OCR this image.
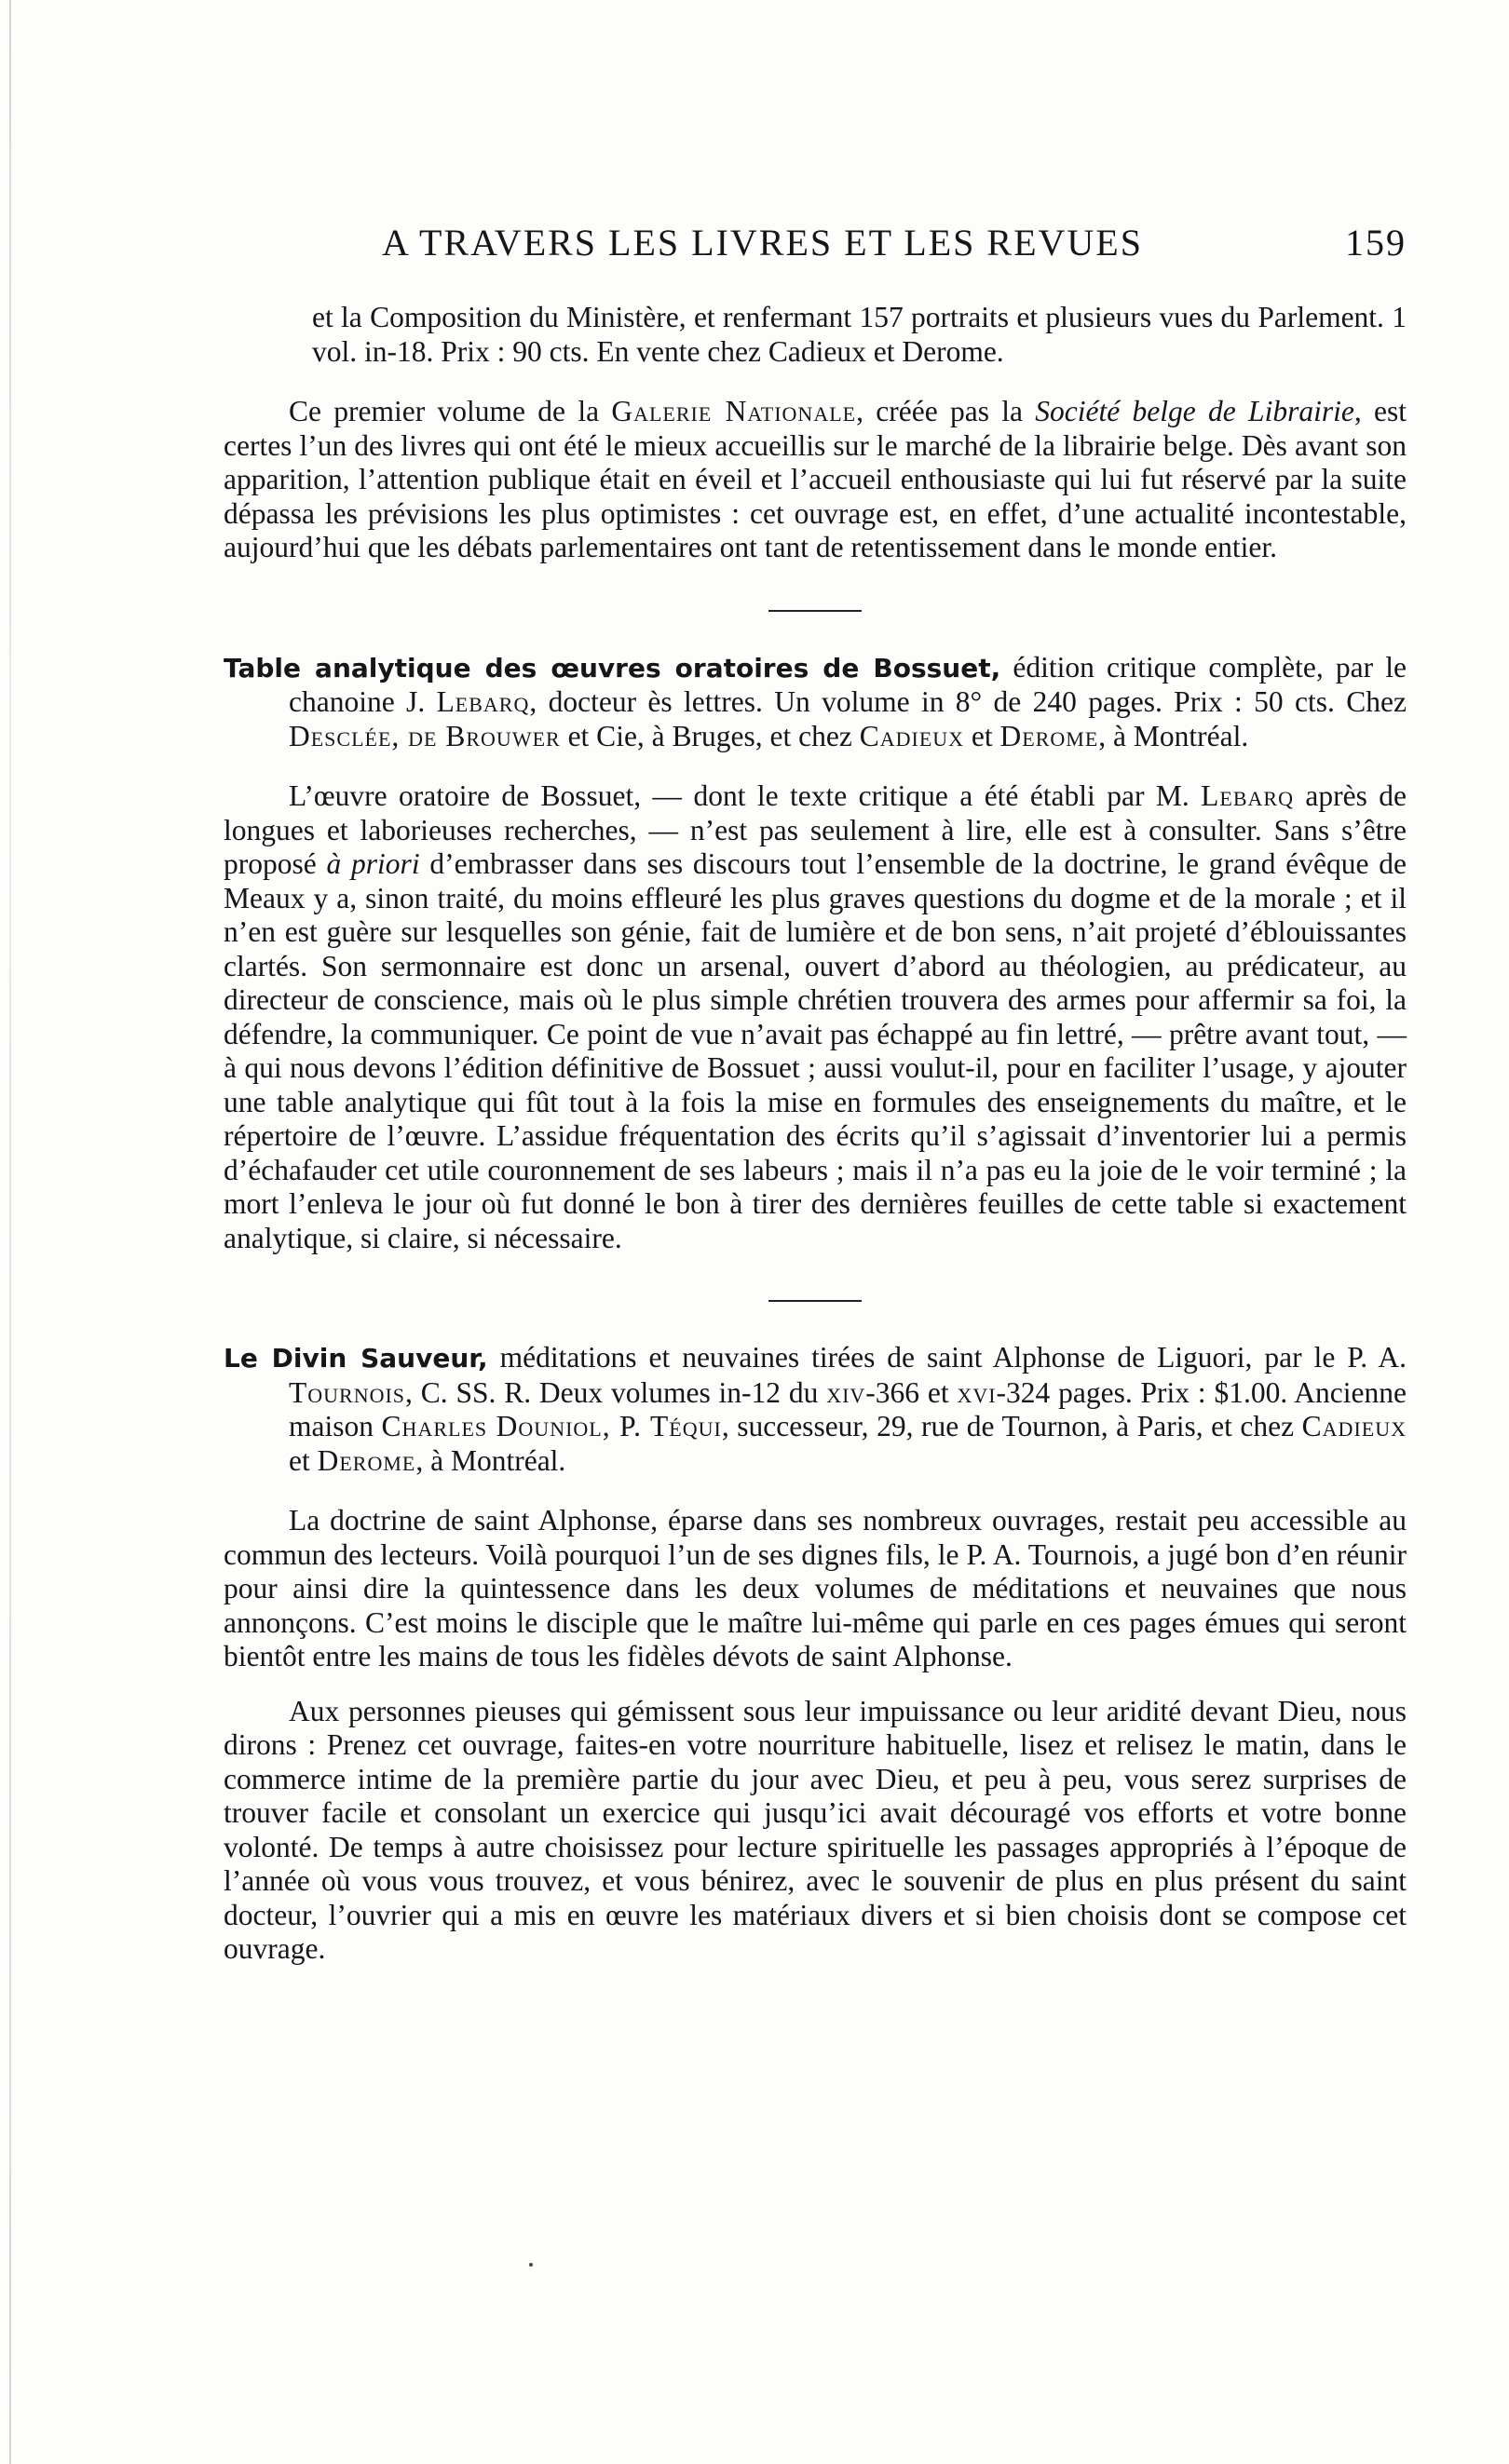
A TRAVERS LES LIVRES ET LES REVUES	159

et la Composition du Ministère, et renfermant 157 portraits et plusieurs vues du Parlement. 1 vol. in-18. Prix : 90 cts. En vente chez Cadieux et Derome.

Ce premier volume de la Galerie Nationale, créée pas la Société belge de Librairie, est certes l’un des livres qui ont été le mieux accueillis sur le marché de la librairie belge. Dès avant son apparition, l’attention publique était en éveil et l’accueil enthousiaste qui lui fut réservé par la suite dépassa les prévisions les plus optimistes : cet ouvrage est, en effet, d’une actualité incontestable, aujourd’hui que les débats parlementaires ont tant de retentissement dans le monde entier.

Table analytique des œuvres oratoires de Bossuet, édition critique complète, par le chanoine J. Lebarq, docteur ès lettres. Un volume in 8° de 240 pages. Prix : 50 cts. Chez Desclée, de Brouwer et Cie, à Bruges, et chez Cadieux et Derome, à Montréal.

L’œuvre oratoire de Bossuet, — dont le texte critique a été établi par M. Lebarq après de longues et laborieuses recherches, — n’est pas seulement à lire, elle est à consulter. Sans s’être proposé à priori d’embrasser dans ses discours tout l’ensemble de la doctrine, le grand évêque de Meaux y a, sinon traité, du moins effleuré les plus graves questions du dogme et de la morale ; et il n’en est guère sur lesquelles son génie, fait de lumière et de bon sens, n’ait projeté d’éblouissantes clartés. Son sermonnaire est donc un arsenal, ouvert d’abord au théologien, au prédicateur, au directeur de conscience, mais où le plus simple chrétien trouvera des armes pour affermir sa foi, la défendre, la communiquer. Ce point de vue n’avait pas échappé au fin lettré, — prêtre avant tout, — à qui nous devons l’édition définitive de Bossuet ; aussi voulut-il, pour en faciliter l’usage, y ajouter une table analytique qui fût tout à la fois la mise en formules des enseignements du maître, et le répertoire de l’œuvre. L’assidue fréquentation des écrits qu’il s’agissait d’inventorier lui a permis d’échafauder cet utile couronnement de ses labeurs ; mais il n’a pas eu la joie de le voir terminé ; la mort l’enleva le jour où fut donné le bon à tirer des dernières feuilles de cette table si exactement analytique, si claire, si nécessaire.

Le Divin Sauveur, méditations et neuvaines tirées de saint Alphonse de Liguori, par le P. A. Tournois, C. SS. R. Deux volumes in-12 du xiv-366 et xvi-324 pages. Prix : $1.00. Ancienne maison Charles Douniol, P. Téqui, successeur, 29, rue de Tournon, à Paris, et chez Cadieux et Derome, à Montréal.

La doctrine de saint Alphonse, éparse dans ses nombreux ouvrages, restait peu accessible au commun des lecteurs. Voilà pourquoi l’un de ses dignes fils, le P. A. Tournois, a jugé bon d’en réunir pour ainsi dire la quintessence dans les deux volumes de méditations et neuvaines que nous annonçons. C’est moins le disciple que le maître lui-même qui parle en ces pages émues qui seront bientôt entre les mains de tous les fidèles dévots de saint Alphonse.

Aux personnes pieuses qui gémissent sous leur impuissance ou leur aridité devant Dieu, nous dirons : Prenez cet ouvrage, faites-en votre nourriture habituelle, lisez et relisez le matin, dans le commerce intime de la première partie du jour avec Dieu, et peu à peu, vous serez surprises de trouver facile et consolant un exercice qui jusqu’ici avait découragé vos efforts et votre bonne volonté. De temps à autre choisissez pour lecture spirituelle les passages appropriés à l’époque de l’année où vous vous trouvez, et vous bénirez, avec le souvenir de plus en plus présent du saint docteur, l’ouvrier qui a mis en œuvre les matériaux divers et si bien choisis dont se compose cet ouvrage.
